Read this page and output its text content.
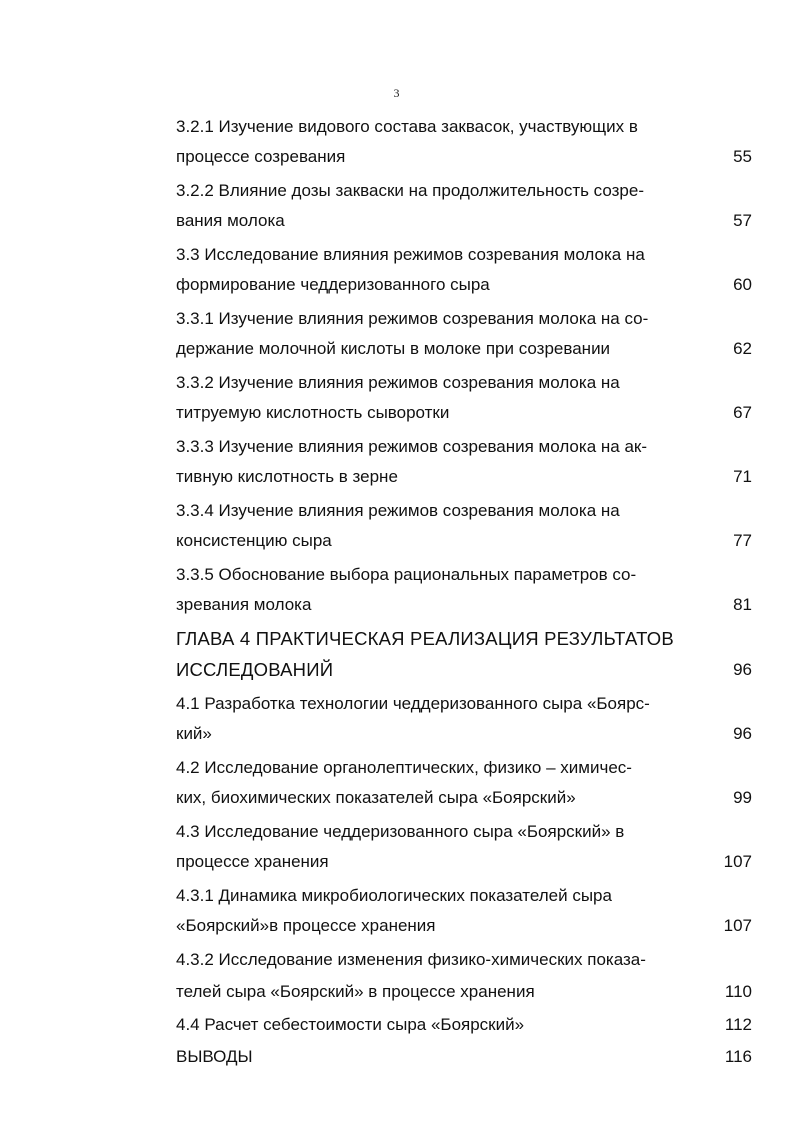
3
3.2.1 Изучение видового состава заквасок, участвующих в
процессе созревания	55
3.2.2 Влияние дозы закваски на продолжительность созре-
вания молока	57
3.3 Исследование влияния режимов созревания молока на
формирование чеддеризованного сыра	60
3.3.1 Изучение влияния режимов созревания молока на со-
держание молочной кислоты в молоке при созревании	62
3.3.2 Изучение влияния режимов созревания молока на
титруемую кислотность сыворотки	67
3.3.3 Изучение влияния режимов созревания молока на ак-
тивную кислотность в зерне	71
3.3.4 Изучение влияния режимов созревания молока на
консистенцию сыра	77
3.3.5 Обоснование выбора рациональных параметров со-
зревания молока	81
ГЛАВА 4 ПРАКТИЧЕСКАЯ РЕАЛИЗАЦИЯ РЕЗУЛЬТАТОВ
ИССЛЕДОВАНИЙ	96
4.1 Разработка технологии чеддеризованного сыра «Боярс-
кий»	96
4.2 Исследование органолептических, физико – химичес-
ких, биохимических показателей сыра «Боярский»	99
4.3 Исследование чеддеризованного сыра «Боярский» в
процессе хранения	107
4.3.1 Динамика микробиологических показателей сыра
«Боярский»в процессе хранения	107
4.3.2 Исследование изменения физико-химических показа-
телей сыра «Боярский» в процессе хранения	110
4.4 Расчет себестоимости сыра «Боярский»	112
ВЫВОДЫ	116
